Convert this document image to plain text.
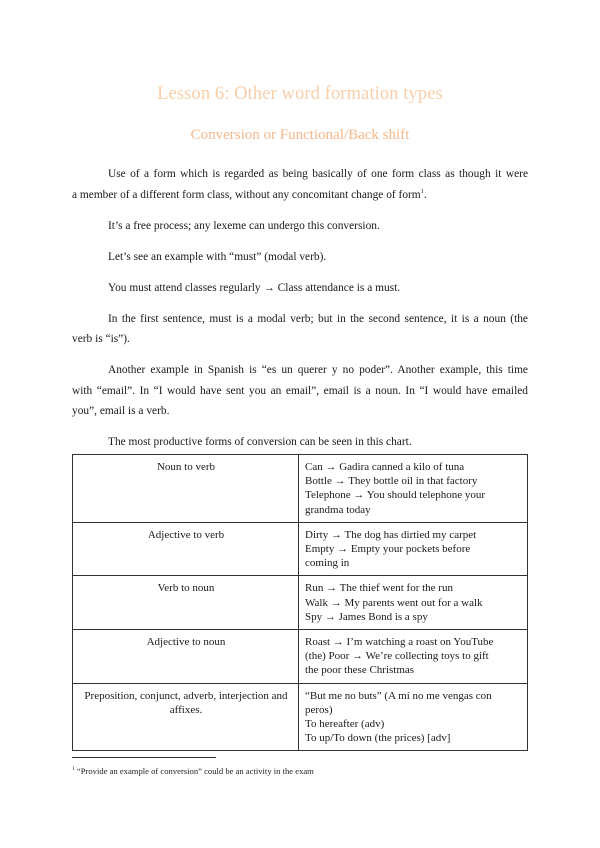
Lesson 6: Other word formation types
Conversion or Functional/Back shift

Use of a form which is regarded as being basically of one form class as though it were

a member of a different form class, without any concomitant change of form$^1$.

It’s a free process; any lexeme can undergo this conversion.

Let’s see an example with “must” (modal verb).

You must attend classes regularly → Class attendance is a must.

In the first sentence, must is a modal verb; but in the second sentence, it is a noun (the

verb is “is”).

Another example in Spanish is “es un querer y no poder”. Another example, this time

with “email”. In “I would have sent you an email”, email is a noun. In “I would have emailed

you”, email is a verb.

The most productive forms of conversion can be seen in this chart.

Noun to verb	Can → Gadira canned a kilo of tuna
Bottle → They bottle oil in that factory
Telephone → You should telephone your
grandma today

Adjective to verb	Dirty → The dog has dirtied my carpet
Empty → Empty your pockets before
coming in

Verb to noun	Run → The thief went for the run
Walk → My parents went out for a walk
Spy → James Bond is a spy

Adjective to noun	Roast → I’m watching a roast on YouTube
(the) Poor → We’re collecting toys to gift
the poor these Christmas

Preposition, conjunct, adverb, interjection and affixes.	“But me no buts” (A mí no me vengas con
peros)
To hereafter (adv)
To up/To down (the prices) [adv]
$^1$ “Provide an example of conversion” could be an activity in the exam
